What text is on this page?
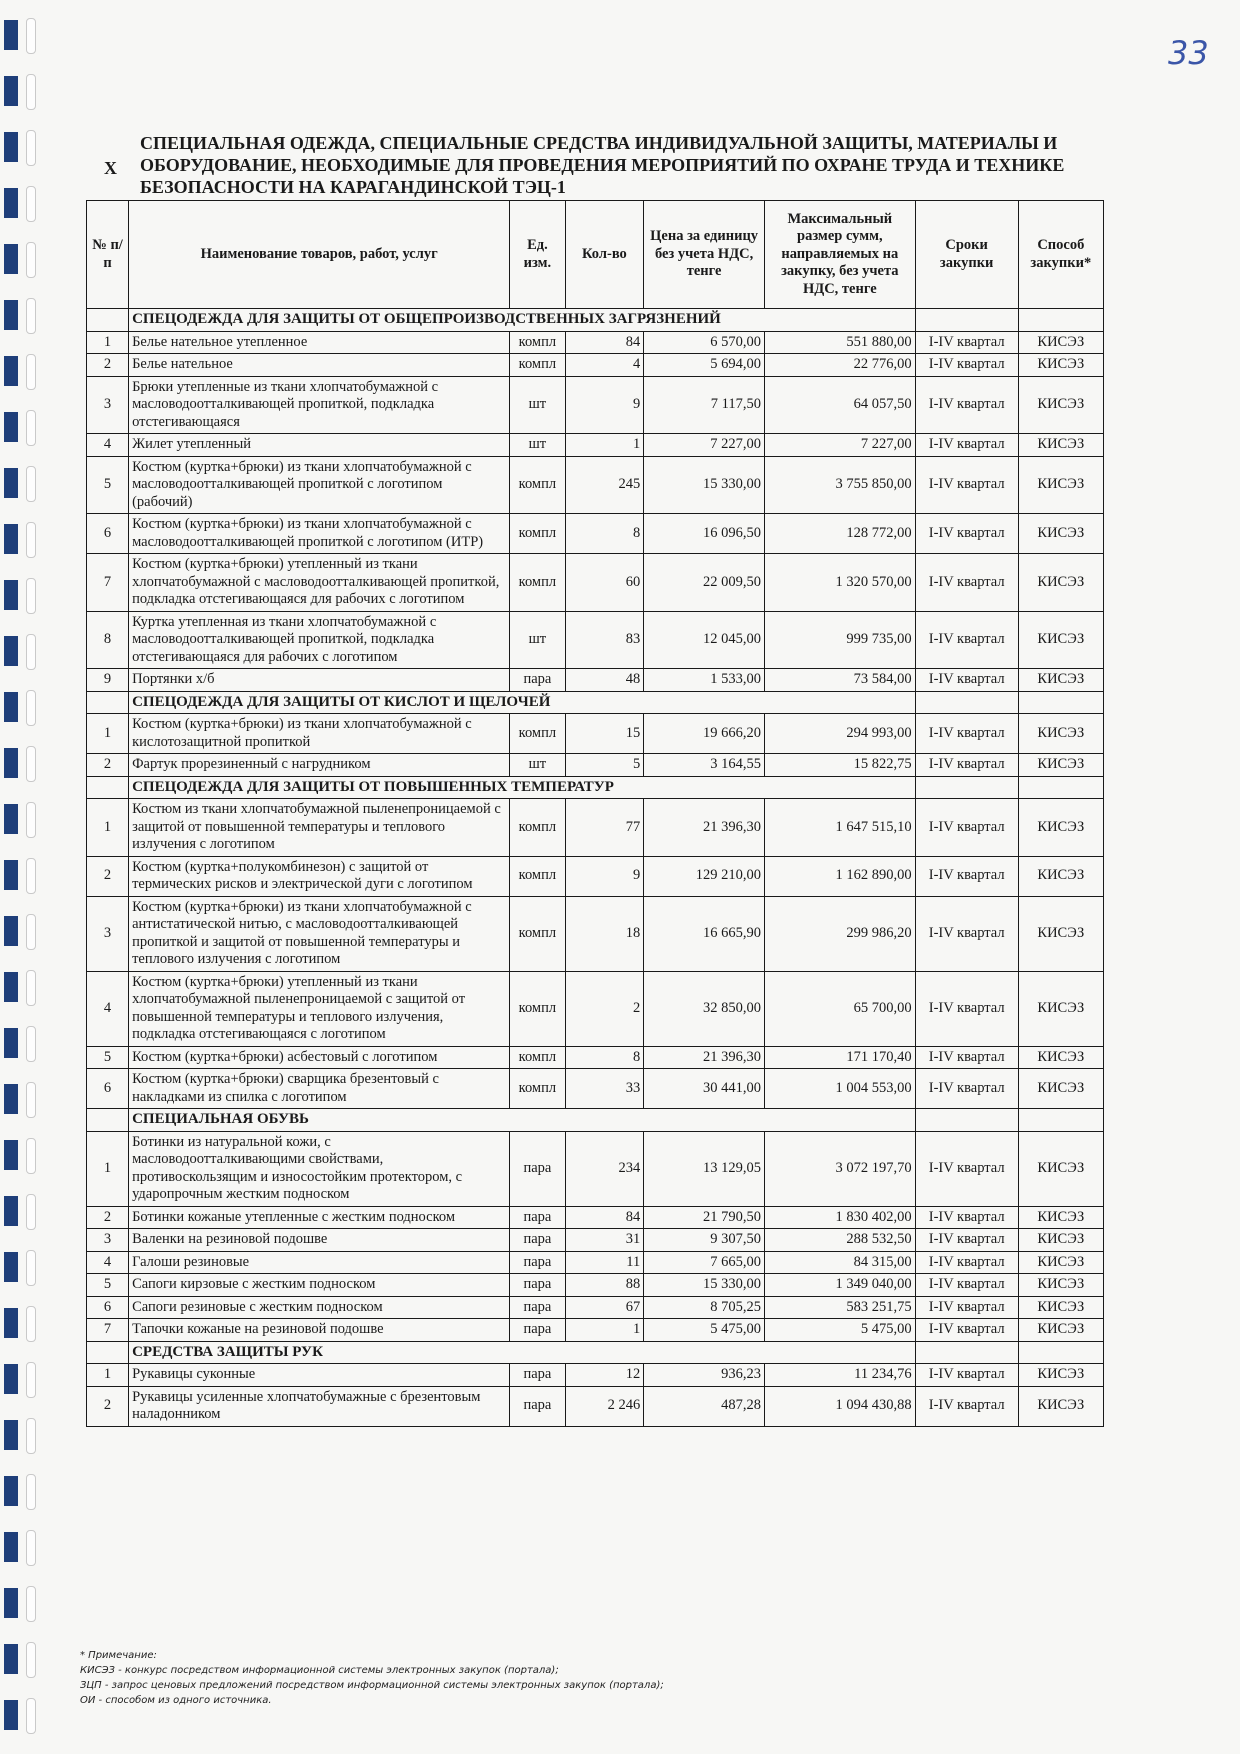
33
X
СПЕЦИАЛЬНАЯ ОДЕЖДА, СПЕЦИАЛЬНЫЕ СРЕДСТВА ИНДИВИДУАЛЬНОЙ ЗАЩИТЫ, МАТЕРИАЛЫ И ОБОРУДОВАНИЕ, НЕОБХОДИМЫЕ ДЛЯ ПРОВЕДЕНИЯ МЕРОПРИЯТИЙ ПО ОХРАНЕ ТРУДА И ТЕХНИКЕ БЕЗОПАСНОСТИ НА КАРАГАНДИНСКОЙ ТЭЦ-1
№ п/п	Наименование товаров, работ, услуг	Ед. изм.	Кол-во	Цена за единицу без учета НДС, тенге	Максимальный размер сумм, направляемых на закупку, без учета НДС, тенге	Сроки закупки	Способ закупки*
	СПЕЦОДЕЖДА ДЛЯ ЗАЩИТЫ ОТ ОБЩЕПРОИЗВОДСТВЕННЫХ ЗАГРЯЗНЕНИЙ						
1	Белье нательное утепленное	компл	84	6 570,00	551 880,00	I-IV квартал	КИСЭЗ
2	Белье нательное	компл	4	5 694,00	22 776,00	I-IV квартал	КИСЭЗ
3	Брюки утепленные из ткани хлопчатобумажной с масловодоотталкивающей пропиткой, подкладка отстегивающаяся	шт	9	7 117,50	64 057,50	I-IV квартал	КИСЭЗ
4	Жилет утепленный	шт	1	7 227,00	7 227,00	I-IV квартал	КИСЭЗ
5	Костюм (куртка+брюки) из ткани хлопчатобумажной с масловодоотталкивающей пропиткой с логотипом (рабочий)	компл	245	15 330,00	3 755 850,00	I-IV квартал	КИСЭЗ
6	Костюм (куртка+брюки) из ткани хлопчатобумажной с масловодоотталкивающей пропиткой с логотипом (ИТР)	компл	8	16 096,50	128 772,00	I-IV квартал	КИСЭЗ
7	Костюм (куртка+брюки) утепленный из ткани хлопчатобумажной с масловодоотталкивающей пропиткой, подкладка отстегивающаяся для рабочих с логотипом	компл	60	22 009,50	1 320 570,00	I-IV квартал	КИСЭЗ
8	Куртка утепленная из ткани хлопчатобумажной с масловодоотталкивающей пропиткой, подкладка отстегивающаяся для рабочих с логотипом	шт	83	12 045,00	999 735,00	I-IV квартал	КИСЭЗ
9	Портянки х/б	пара	48	1 533,00	73 584,00	I-IV квартал	КИСЭЗ
	СПЕЦОДЕЖДА ДЛЯ ЗАЩИТЫ ОТ КИСЛОТ И ЩЕЛОЧЕЙ						
1	Костюм (куртка+брюки) из ткани хлопчатобумажной с кислотозащитной пропиткой	компл	15	19 666,20	294 993,00	I-IV квартал	КИСЭЗ
2	Фартук прорезиненный с нагрудником	шт	5	3 164,55	15 822,75	I-IV квартал	КИСЭЗ
	СПЕЦОДЕЖДА ДЛЯ ЗАЩИТЫ ОТ ПОВЫШЕННЫХ ТЕМПЕРАТУР						
1	Костюм из ткани хлопчатобумажной пыленепроницаемой с защитой от повышенной температуры и теплового излучения с логотипом	компл	77	21 396,30	1 647 515,10	I-IV квартал	КИСЭЗ
2	Костюм (куртка+полукомбинезон) с защитой от термических рисков и электрической дуги с логотипом	компл	9	129 210,00	1 162 890,00	I-IV квартал	КИСЭЗ
3	Костюм (куртка+брюки) из ткани хлопчатобумажной с антистатической нитью, с масловодоотталкивающей пропиткой и защитой от повышенной температуры и теплового излучения с логотипом	компл	18	16 665,90	299 986,20	I-IV квартал	КИСЭЗ
4	Костюм (куртка+брюки) утепленный из ткани хлопчатобумажной пыленепроницаемой с защитой от повышенной температуры и теплового излучения, подкладка отстегивающаяся с логотипом	компл	2	32 850,00	65 700,00	I-IV квартал	КИСЭЗ
5	Костюм (куртка+брюки) асбестовый с логотипом	компл	8	21 396,30	171 170,40	I-IV квартал	КИСЭЗ
6	Костюм (куртка+брюки) сварщика брезентовый с накладками из спилка с логотипом	компл	33	30 441,00	1 004 553,00	I-IV квартал	КИСЭЗ
	СПЕЦИАЛЬНАЯ ОБУВЬ						
1	Ботинки из натуральной кожи, с масловодоотталкивающими свойствами, противоскользящим и износостойким протектором, с ударопрочным жестким подноском	пара	234	13 129,05	3 072 197,70	I-IV квартал	КИСЭЗ
2	Ботинки кожаные утепленные с жестким подноском	пара	84	21 790,50	1 830 402,00	I-IV квартал	КИСЭЗ
3	Валенки на резиновой подошве	пара	31	9 307,50	288 532,50	I-IV квартал	КИСЭЗ
4	Галоши резиновые	пара	11	7 665,00	84 315,00	I-IV квартал	КИСЭЗ
5	Сапоги кирзовые с жестким подноском	пара	88	15 330,00	1 349 040,00	I-IV квартал	КИСЭЗ
6	Сапоги резиновые с жестким подноском	пара	67	8 705,25	583 251,75	I-IV квартал	КИСЭЗ
7	Тапочки кожаные на резиновой подошве	пара	1	5 475,00	5 475,00	I-IV квартал	КИСЭЗ
	СРЕДСТВА ЗАЩИТЫ РУК						
1	Рукавицы суконные	пара	12	936,23	11 234,76	I-IV квартал	КИСЭЗ
2	Рукавицы усиленные хлопчатобумажные с брезентовым наладонником	пара	2 246	487,28	1 094 430,88	I-IV квартал	КИСЭЗ
* Примечание:
КИСЭЗ - конкурс посредством информационной системы электронных закупок (портала);
ЗЦП - запрос ценовых предложений посредством информационной системы электронных закупок (портала);
ОИ - способом из одного источника.
